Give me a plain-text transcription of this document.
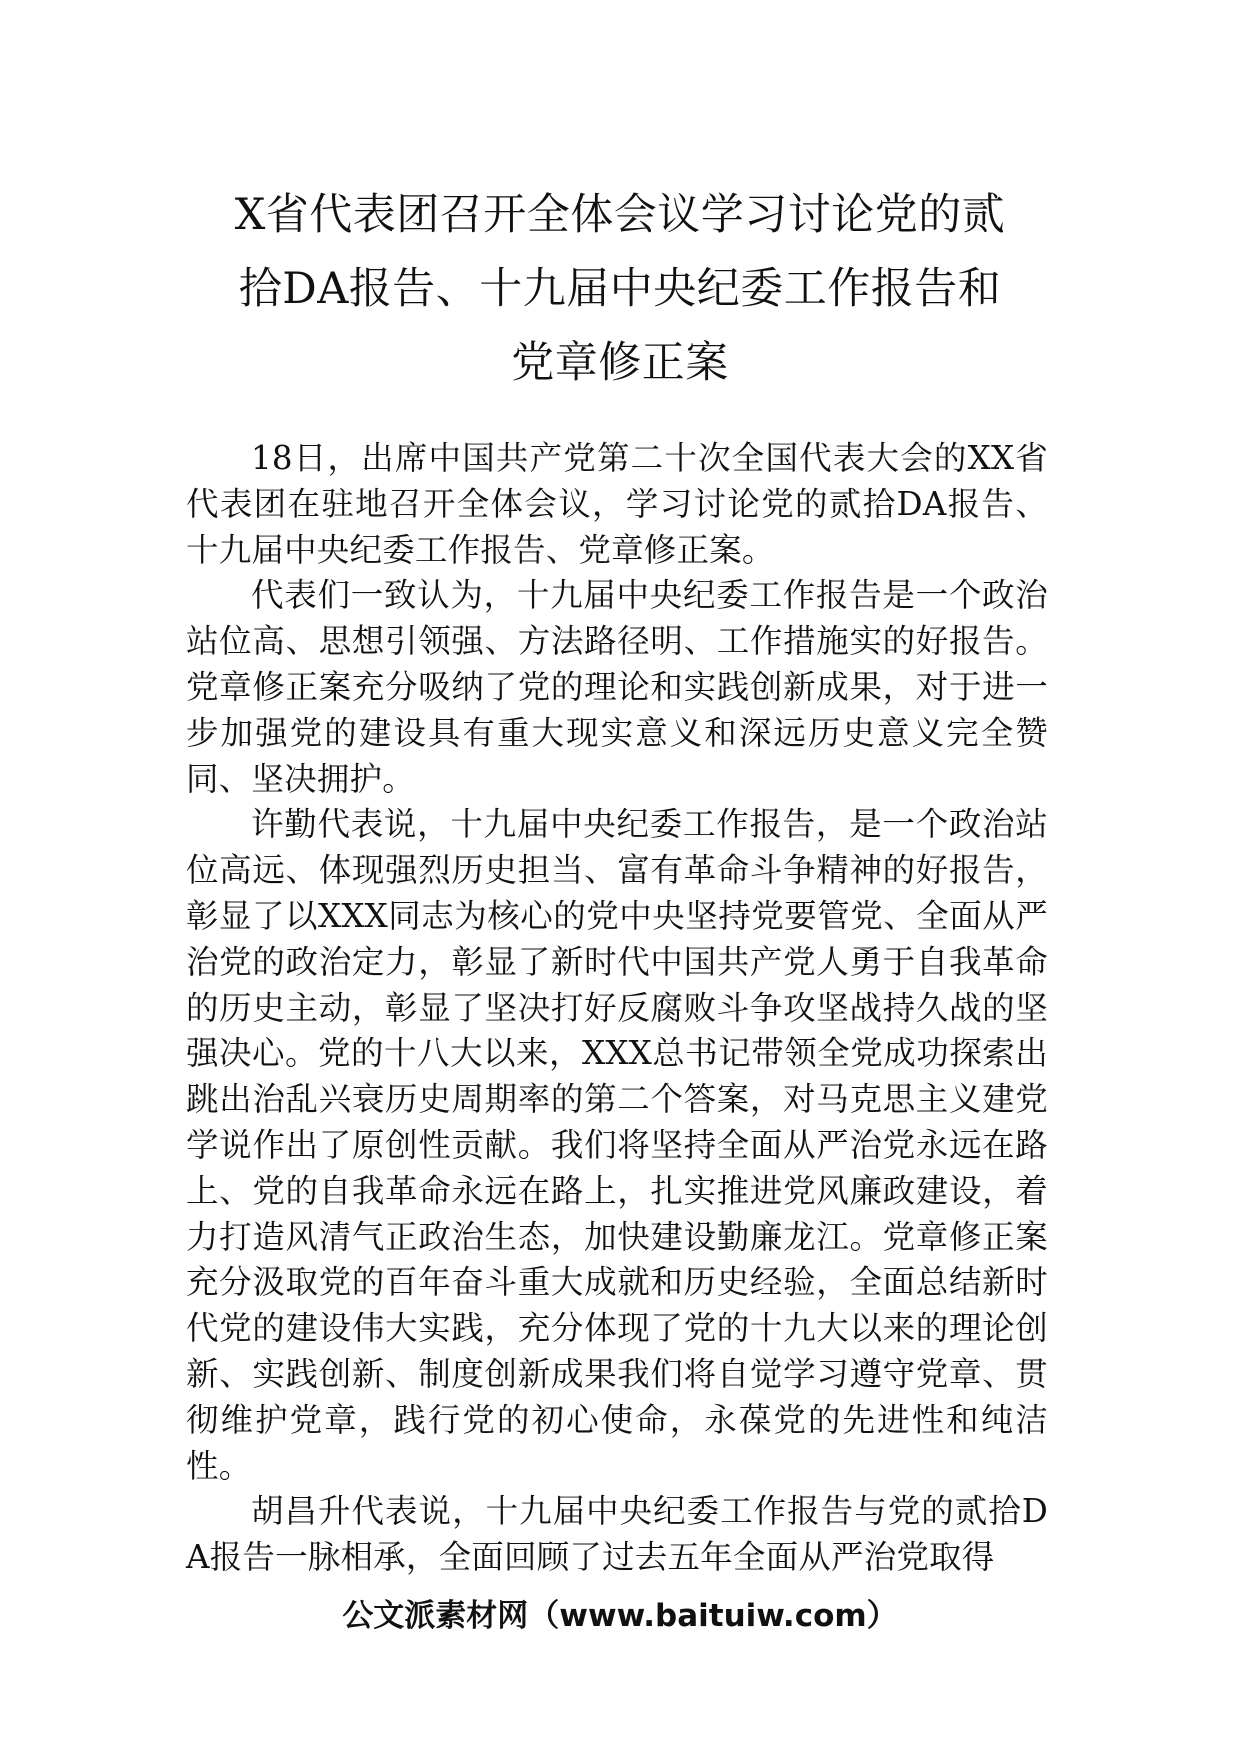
X省代表团召开全体会议学习讨论党的贰
拾DA报告、十九届中央纪委工作报告和
党章修正案

18日，出席中国共产党第二十次全国代表大会的XX省代表团在驻地召开全体会议，学习讨论党的贰拾DA报告、十九届中央纪委工作报告、党章修正案。

代表们一致认为，十九届中央纪委工作报告是一个政治站位高、思想引领强、方法路径明、工作措施实的好报告。党章修正案充分吸纳了党的理论和实践创新成果，对于进一步加强党的建设具有重大现实意义和深远历史意义完全赞同、坚决拥护。

许勤代表说，十九届中央纪委工作报告，是一个政治站位高远、体现强烈历史担当、富有革命斗争精神的好报告，彰显了以XXX同志为核心的党中央坚持党要管党、全面从严治党的政治定力，彰显了新时代中国共产党人勇于自我革命的历史主动，彰显了坚决打好反腐败斗争攻坚战持久战的坚强决心。党的十八大以来，XXX总书记带领全党成功探索出跳出治乱兴衰历史周期率的第二个答案，对马克思主义建党学说作出了原创性贡献。我们将坚持全面从严治党永远在路上、党的自我革命永远在路上，扎实推进党风廉政建设，着力打造风清气正政治生态，加快建设勤廉龙江。党章修正案充分汲取党的百年奋斗重大成就和历史经验，全面总结新时代党的建设伟大实践，充分体现了党的十九大以来的理论创新、实践创新、制度创新成果我们将自觉学习遵守党章、贯彻维护党章，践行党的初心使命，永葆党的先进性和纯洁性。

胡昌升代表说，十九届中央纪委工作报告与党的贰拾DA报告一脉相承，全面回顾了过去五年全面从严治党取得

公文派素材网（www.baituiw.com）
